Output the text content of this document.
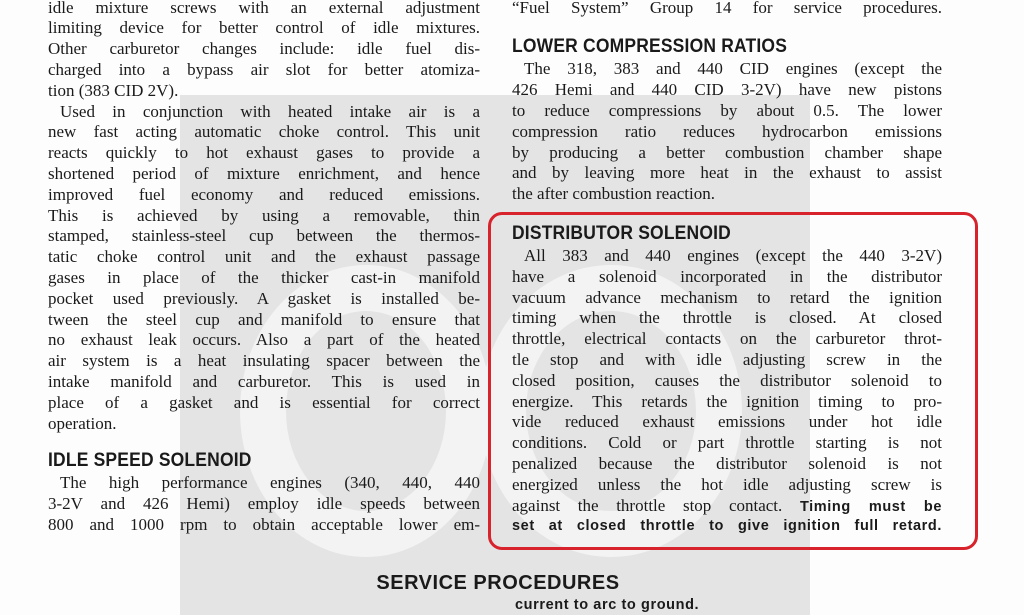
idle mixture screws with an external adjustment
limiting device for better control of idle mixtures.
Other carburetor changes include: idle fuel dis-
charged into a bypass air slot for better atomiza-
tion (383 CID 2V).
Used in conjunction with heated intake air is a
new fast acting automatic choke control. This unit
reacts quickly to hot exhaust gases to provide a
shortened period of mixture enrichment, and hence
improved fuel economy and reduced emissions.
This is achieved by using a removable, thin
stamped, stainless-steel cup between the thermos-
tatic choke control unit and the exhaust passage
gases in place of the thicker cast-in manifold
pocket used previously. A gasket is installed be-
tween the steel cup and manifold to ensure that
no exhaust leak occurs. Also a part of the heated
air system is a heat insulating spacer between the
intake manifold and carburetor. This is used in
place of a gasket and is essential for correct
operation.
IDLE SPEED SOLENOID
The high performance engines (340, 440, 440
3-2V and 426 Hemi) employ idle speeds between
800 and 1000 rpm to obtain acceptable lower em-
“Fuel System” Group 14 for service procedures.
LOWER COMPRESSION RATIOS
The 318, 383 and 440 CID engines (except the
426 Hemi and 440 CID 3-2V) have new pistons
to reduce compressions by about 0.5. The lower
compression ratio reduces hydrocarbon emissions
by producing a better combustion chamber shape
and by leaving more heat in the exhaust to assist
the after combustion reaction.
DISTRIBUTOR SOLENOID
All 383 and 440 engines (except the 440 3-2V)
have a solenoid incorporated in the distributor
vacuum advance mechanism to retard the ignition
timing when the throttle is closed. At closed
throttle, electrical contacts on the carburetor throt-
tle stop and with idle adjusting screw in the
closed position, causes the distributor solenoid to
energize. This retards the ignition timing to pro-
vide reduced exhaust emissions under hot idle
conditions. Cold or part throttle starting is not
penalized because the distributor solenoid is not
energized unless the hot idle adjusting screw is
against the throttle stop contact. Timing must be
set at closed throttle to give ignition full retard.
SERVICE PROCEDURES
current to arc to ground.
